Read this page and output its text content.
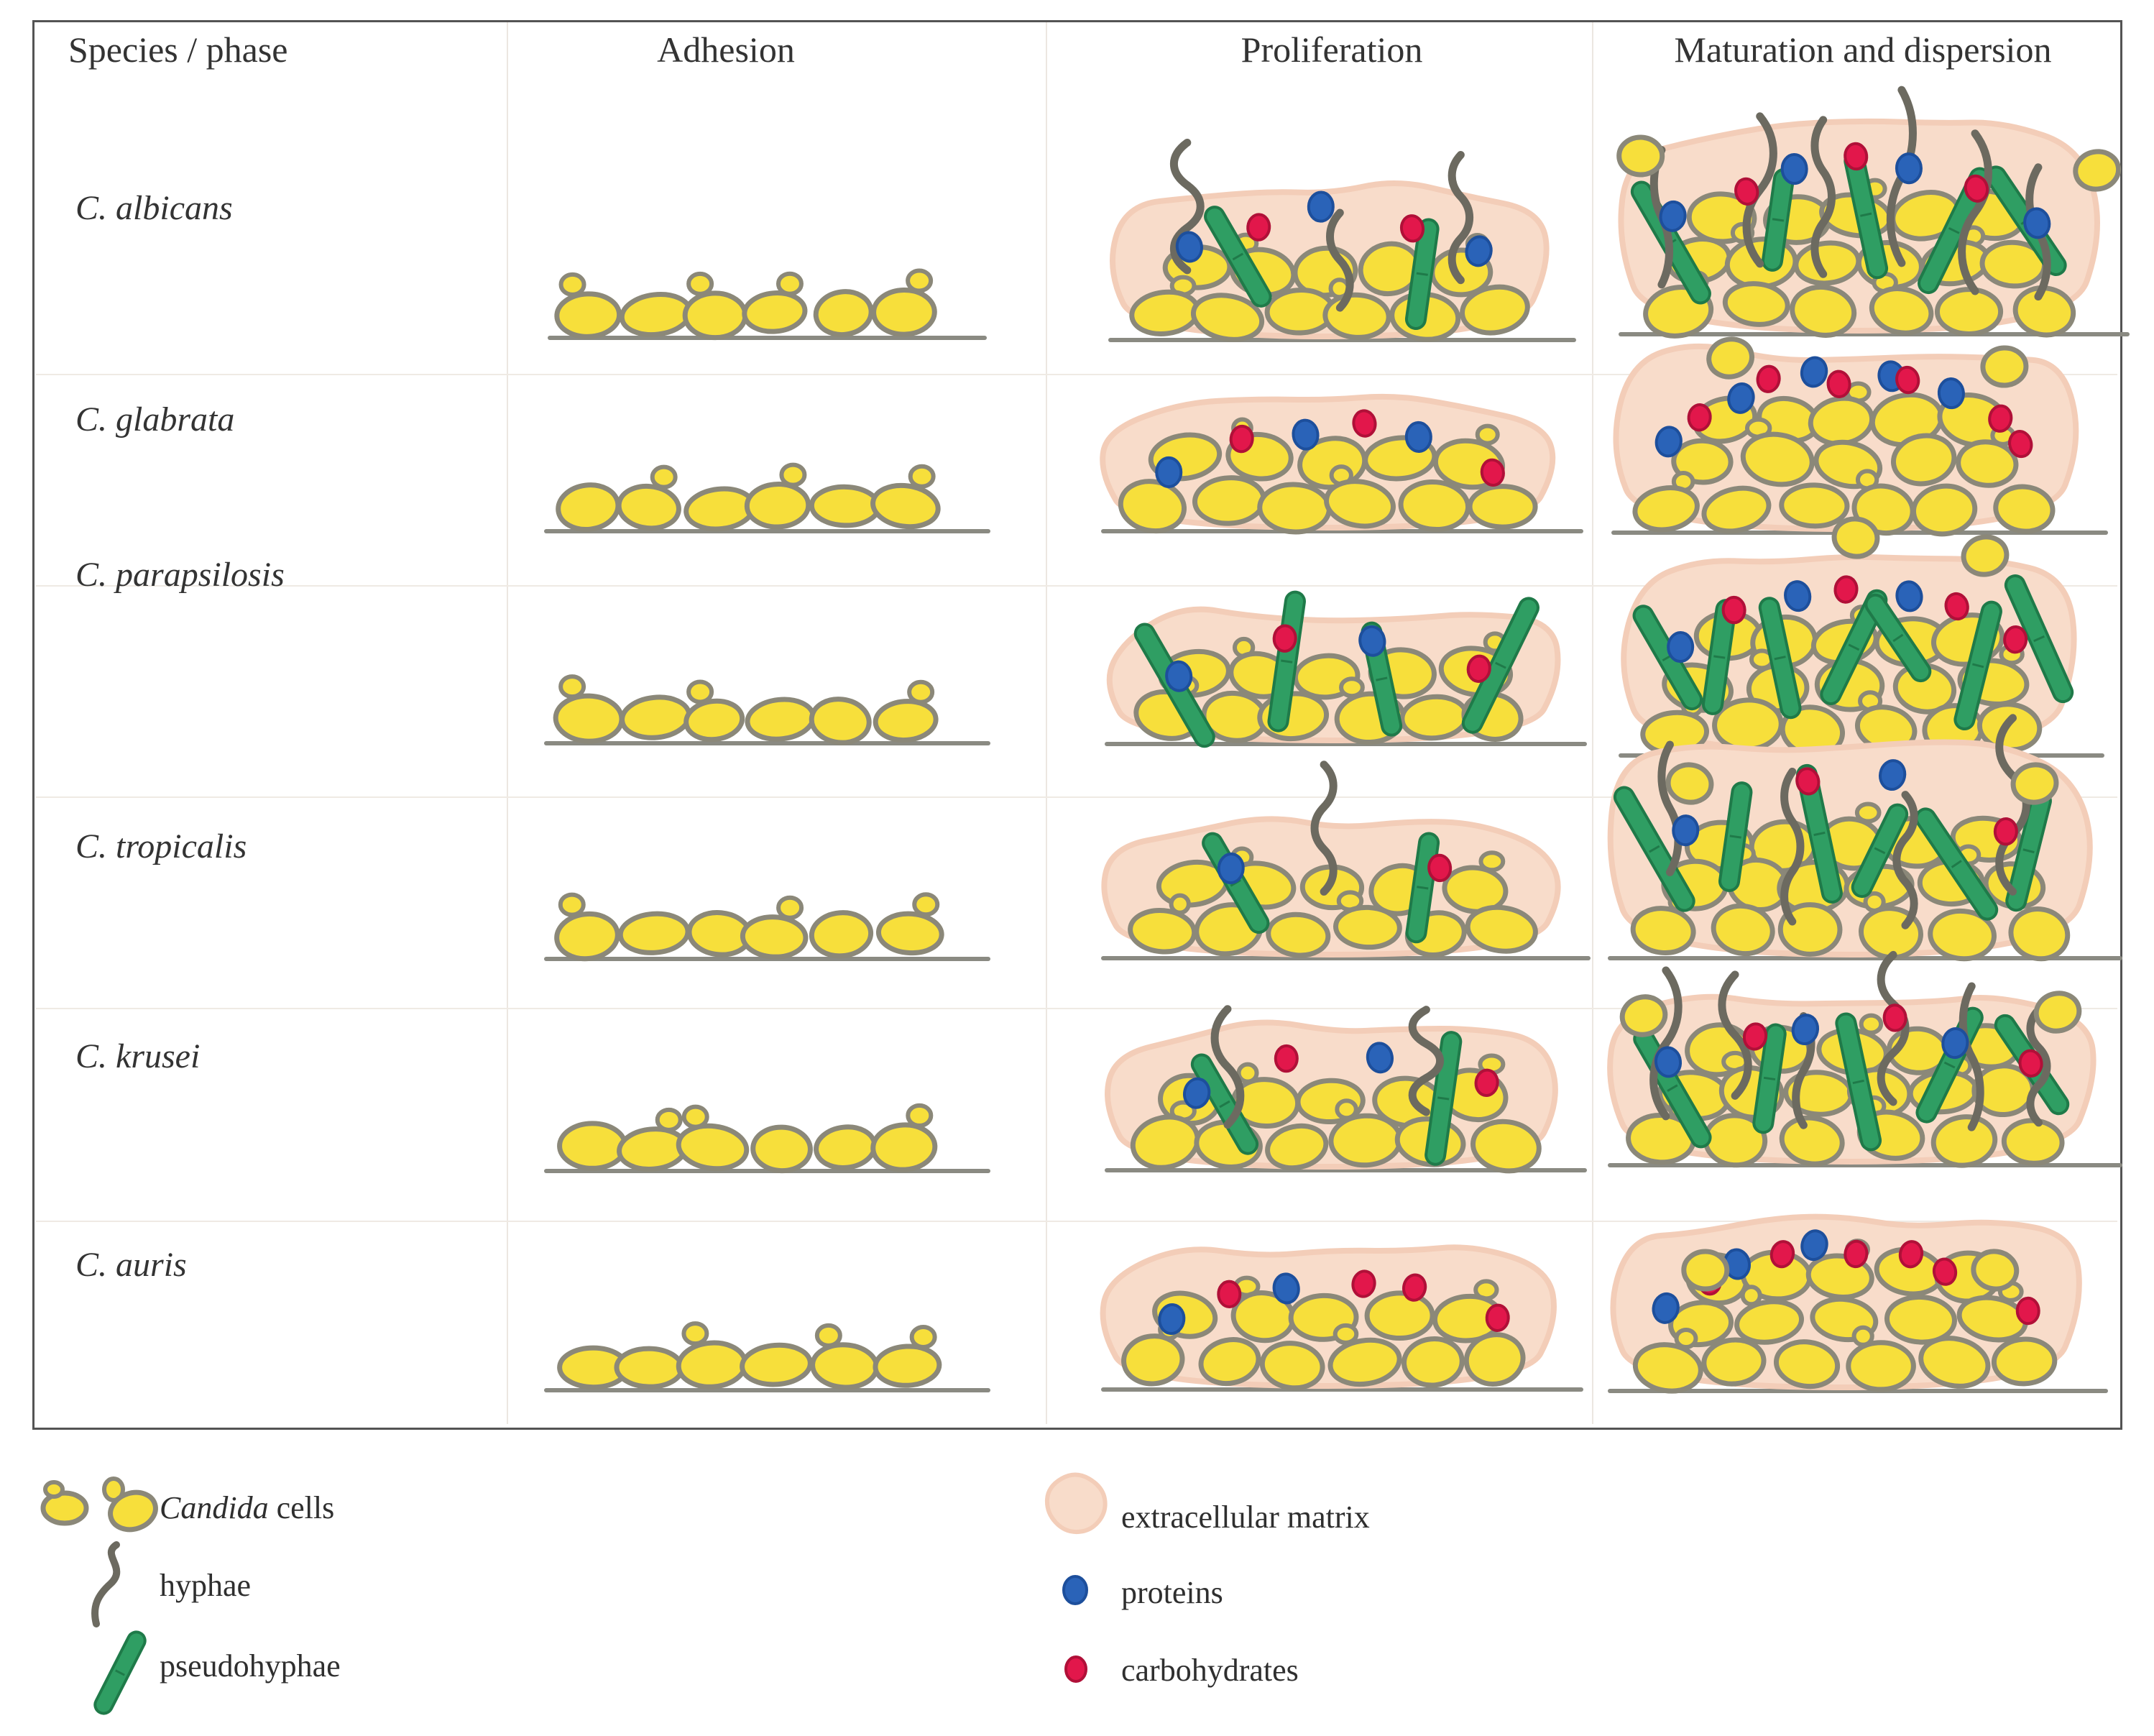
Species / phase	Adhesion	Proliferation	Maturation and dispersion
C. albicans
C. glabrata
C. parapsilosis
C. tropicalis
C. krusei
C. auris
Candida cells
hyphae
pseudohyphae
extracellular matrix
proteins
carbohydrates
